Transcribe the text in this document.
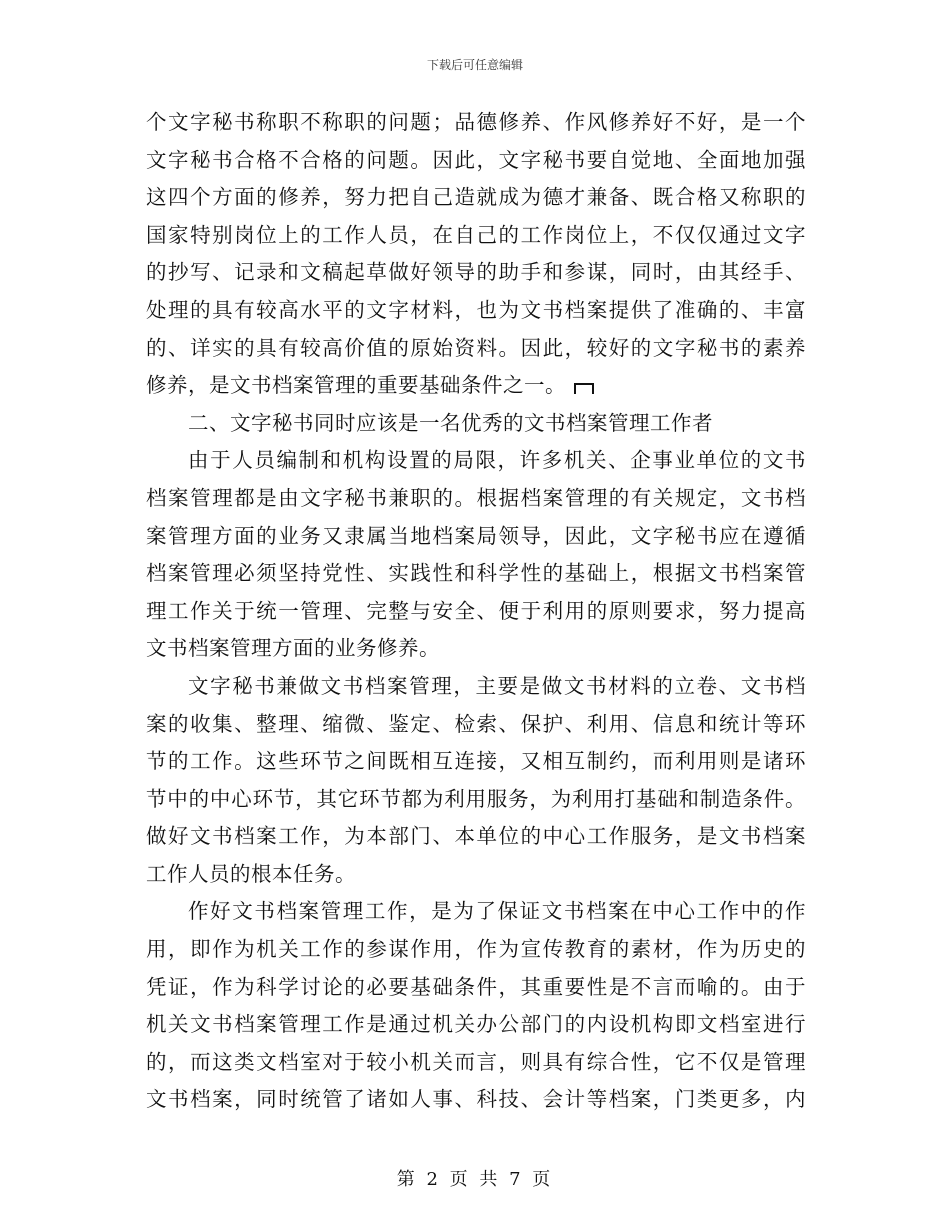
下载后可任意编辑
个文字秘书称职不称职的问题；品德修养、作风修养好不好，是一个
文字秘书合格不合格的问题。因此，文字秘书要自觉地、全面地加强
这四个方面的修养，努力把自己造就成为德才兼备、既合格又称职的
国家特别岗位上的工作人员，在自己的工作岗位上，不仅仅通过文字
的抄写、记录和文稿起草做好领导的助手和参谋，同时，由其经手、
处理的具有较高水平的文字材料，也为文书档案提供了准确的、丰富
的、详实的具有较高价值的原始资料。因此，较好的文字秘书的素养
修养，是文书档案管理的重要基础条件之一。
二、文字秘书同时应该是一名优秀的文书档案管理工作者
由于人员编制和机构设置的局限，许多机关、企事业单位的文书
档案管理都是由文字秘书兼职的。根据档案管理的有关规定，文书档
案管理方面的业务又隶属当地档案局领导，因此，文字秘书应在遵循
档案管理必须坚持党性、实践性和科学性的基础上，根据文书档案管
理工作关于统一管理、完整与安全、便于利用的原则要求，努力提高
文书档案管理方面的业务修养。
文字秘书兼做文书档案管理，主要是做文书材料的立卷、文书档
案的收集、整理、缩微、鉴定、检索、保护、利用、信息和统计等环
节的工作。这些环节之间既相互连接，又相互制约，而利用则是诸环
节中的中心环节，其它环节都为利用服务，为利用打基础和制造条件。
做好文书档案工作，为本部门、本单位的中心工作服务，是文书档案
工作人员的根本任务。
作好文书档案管理工作，是为了保证文书档案在中心工作中的作
用，即作为机关工作的参谋作用，作为宣传教育的素材，作为历史的
凭证，作为科学讨论的必要基础条件，其重要性是不言而喻的。由于
机关文书档案管理工作是通过机关办公部门的内设机构即文档室进行
的，而这类文档室对于较小机关而言，则具有综合性，它不仅是管理
文书档案，同时统管了诸如人事、科技、会计等档案，门类更多，内
第 2 页 共 7 页
